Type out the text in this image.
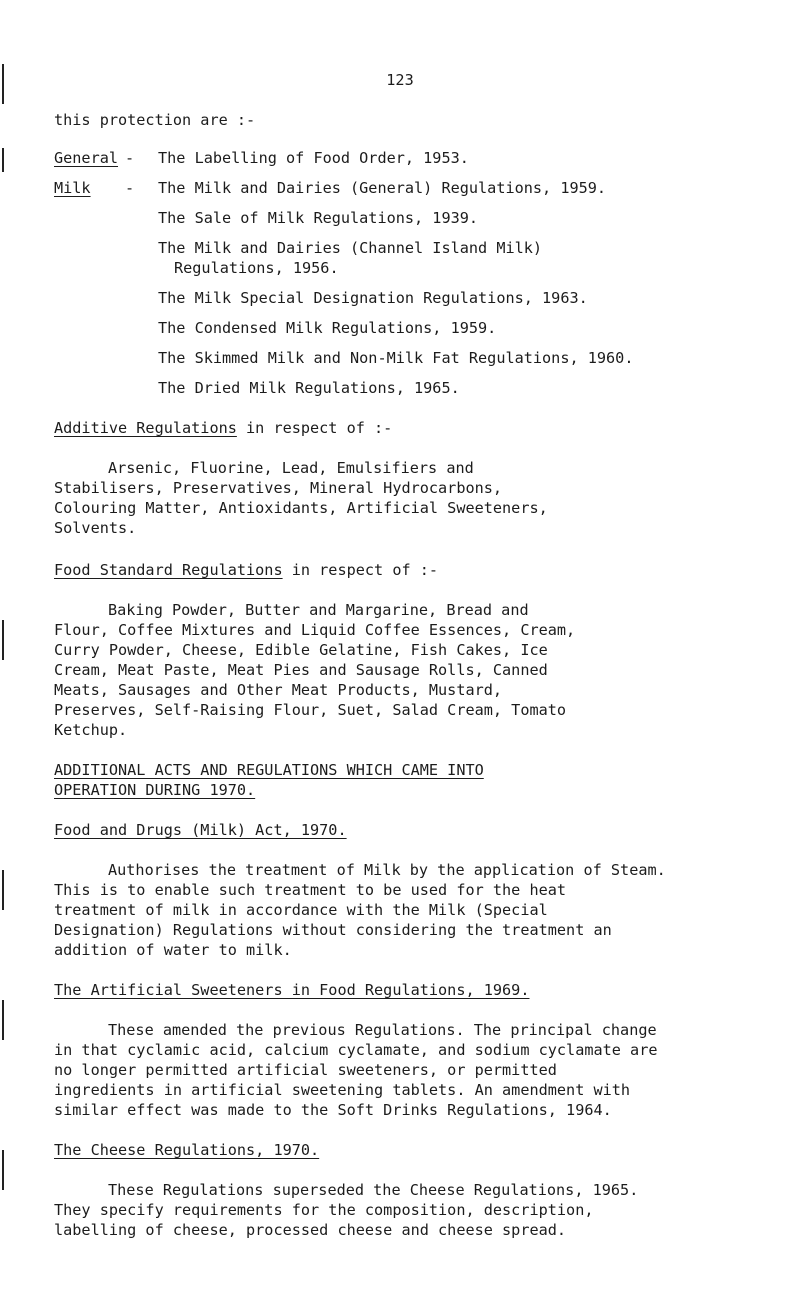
123
this protection are :-
General - The Labelling of Food Order, 1953.
Milk - The Milk and Dairies (General) Regulations, 1959.
The Sale of Milk Regulations, 1939.
The Milk and Dairies (Channel Island Milk)
Regulations, 1956.
The Milk Special Designation Regulations, 1963.
The Condensed Milk Regulations, 1959.
The Skimmed Milk and Non-Milk Fat Regulations, 1960.
The Dried Milk Regulations, 1965.
Additive Regulations in respect of :-
Arsenic, Fluorine, Lead, Emulsifiers and
Stabilisers, Preservatives, Mineral Hydrocarbons,
Colouring Matter, Antioxidants, Artificial Sweeteners,
Solvents.
Food Standard Regulations in respect of :-
Baking Powder, Butter and Margarine, Bread and
Flour, Coffee Mixtures and Liquid Coffee Essences, Cream,
Curry Powder, Cheese, Edible Gelatine, Fish Cakes, Ice
Cream, Meat Paste, Meat Pies and Sausage Rolls, Canned
Meats, Sausages and Other Meat Products, Mustard,
Preserves, Self-Raising Flour, Suet, Salad Cream, Tomato
Ketchup.
ADDITIONAL ACTS AND REGULATIONS WHICH CAME INTO
OPERATION DURING 1970.
Food and Drugs (Milk) Act, 1970.
Authorises the treatment of Milk by the application of Steam.
This is to enable such treatment to be used for the heat
treatment of milk in accordance with the Milk (Special
Designation) Regulations without considering the treatment an
addition of water to milk.
The Artificial Sweeteners in Food Regulations, 1969.
These amended the previous Regulations. The principal change
in that cyclamic acid, calcium cyclamate, and sodium cyclamate are
no longer permitted artificial sweeteners, or permitted
ingredients in artificial sweetening tablets. An amendment with
similar effect was made to the Soft Drinks Regulations, 1964.
The Cheese Regulations, 1970.
These Regulations superseded the Cheese Regulations, 1965.
They specify requirements for the composition, description,
labelling of cheese, processed cheese and cheese spread.
